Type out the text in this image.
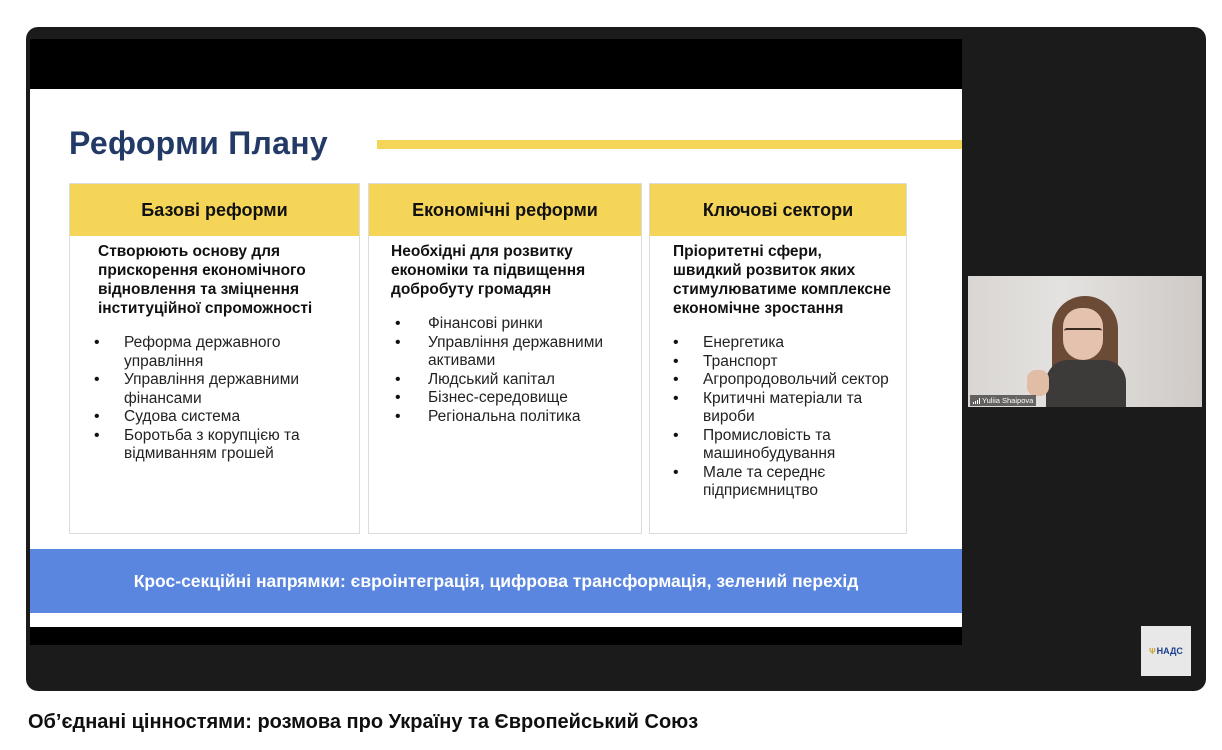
Реформи Плану
Базові реформи
Створюють основу для прискорення економічного відновлення та зміцнення інституційної спроможності
• Реформа державного управління
• Управління державними фінансами
• Судова система
• Боротьба з корупцією та відмиванням грошей
Економічні реформи
Необхідні для розвитку економіки та підвищення добробуту громадян
• Фінансові ринки
• Управління державними активами
• Людський капітал
• Бізнес-середовище
• Регіональна політика
Ключові сектори
Пріоритетні сфери, швидкий розвиток яких стимулюватиме комплексне економічне зростання
• Енергетика
• Транспорт
• Агропродовольчий сектор
• Критичні матеріали та вироби
• Промисловість та машинобудування
• Мале та середнє підприємництво
Крос-секційні напрямки: євроінтеграція, цифрова трансформація, зелений перехід
Yuliia Shaipova
Ψ НАДС
Об’єднані цінностями: розмова про Україну та Європейський Союз
